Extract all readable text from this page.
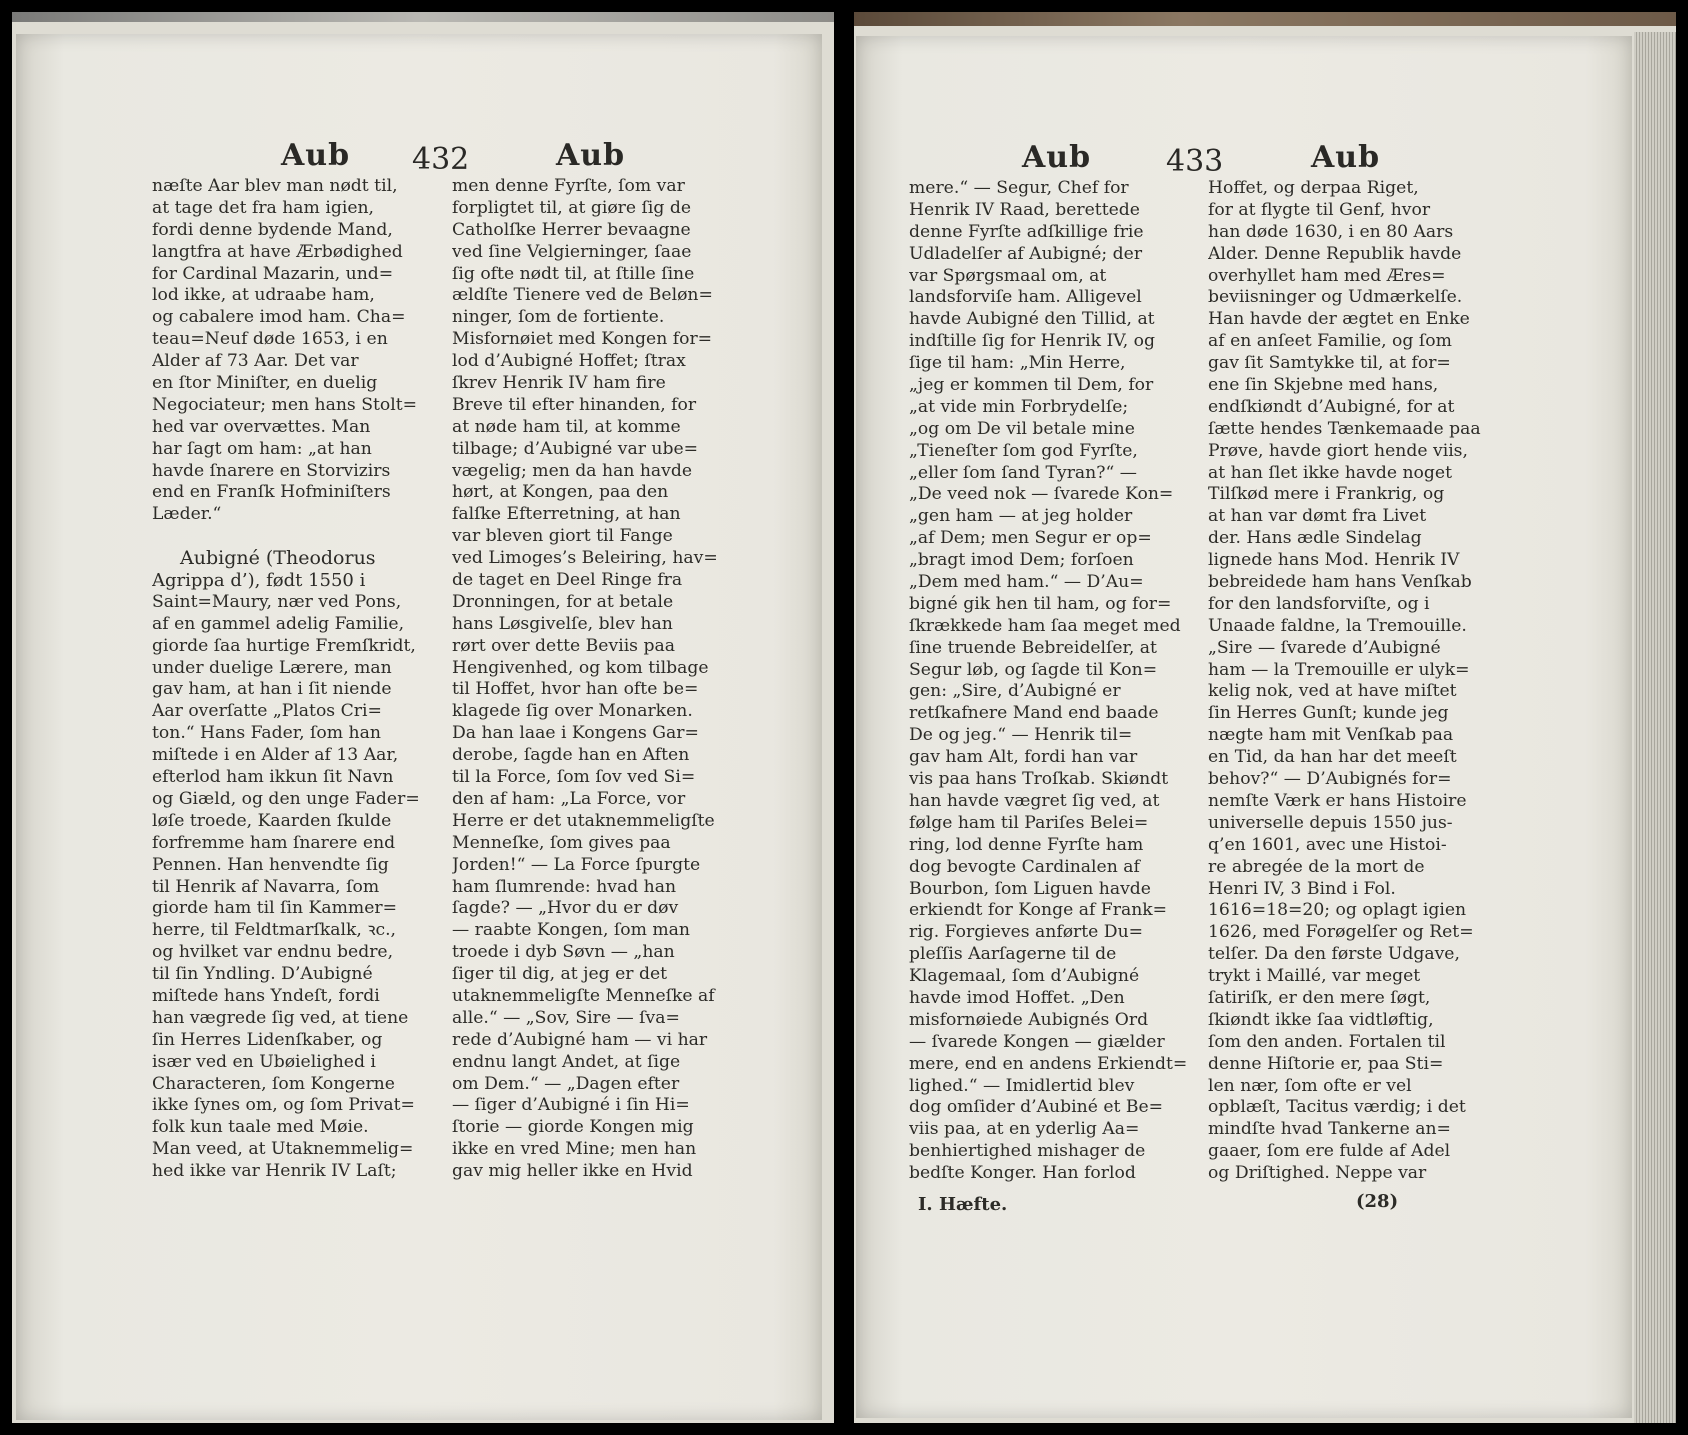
Aub 432	Aub
næſte Aar blev man nødt til,
at tage det fra ham igien,
fordi denne bydende Mand,
langtfra at have Ærbødighed
for Cardinal Mazarin, und=
lod ikke, at udraabe ham,
og cabalere imod ham. Cha=
teau=Neuf døde 1653, i en
Alder af 73 Aar. Det var
en ſtor Miniſter, en duelig
Negociateur; men hans Stolt=
hed var overvættes. Man
har ſagt om ham: „at han
havde ſnarere en Storvizirs
end en Franſk Hofminiſters
Læder.“

Aubigné (Theodorus
Agrippa d’), født 1550 i
Saint=Maury, nær ved Pons,
af en gammel adelig Familie,
giorde ſaa hurtige Fremſkridt,
under duelige Lærere, man
gav ham, at han i ſit niende
Aar overſatte „Platos Cri=
ton.“ Hans Fader, ſom han
miſtede i en Alder af 13 Aar,
efterlod ham ikkun ſit Navn
og Giæld, og den unge Fader=
løſe troede, Kaarden ſkulde
forfremme ham ſnarere end
Pennen. Han henvendte ſig
til Henrik af Navarra, ſom
giorde ham til ſin Kammer=
herre, til Feldtmarſkalk, ꝛc.,
og hvilket var endnu bedre,
til ſin Yndling. D’Aubigné
miſtede hans Yndeſt, fordi
han vægrede ſig ved, at tiene
ſin Herres Lidenſkaber, og
især ved en Ubøielighed i
Characteren, ſom Kongerne
ikke ſynes om, og ſom Privat=
folk kun taale med Møie.
Man veed, at Utaknemmelig=
hed ikke var Henrik IV Laſt;
men denne Fyrſte, ſom var
forpligtet til, at giøre ſig de
Catholſke Herrer bevaagne
ved ſine Velgierninger, ſaae
ſig ofte nødt til, at ſtille ſine
ældſte Tienere ved de Beløn=
ninger, ſom de fortiente.
Misfornøiet med Kongen for=
lod d’Aubigné Hoffet; ſtrax
ſkrev Henrik IV ham fire
Breve til efter hinanden, for
at nøde ham til, at komme
tilbage; d’Aubigné var ube=
vægelig; men da han havde
hørt, at Kongen, paa den
falſke Efterretning, at han
var bleven giort til Fange
ved Limoges’s Beleiring, hav=
de taget en Deel Ringe fra
Dronningen, for at betale
hans Løsgivelſe, blev han
rørt over dette Beviis paa
Hengivenhed, og kom tilbage
til Hoffet, hvor han ofte be=
klagede ſig over Monarken.
Da han laae i Kongens Gar=
derobe, ſagde han en Aften
til la Force, ſom ſov ved Si=
den af ham: „La Force, vor
Herre er det utaknemmeligſte
Menneſke, ſom gives paa
Jorden!“ — La Force ſpurgte
ham ſlumrende: hvad han
ſagde? — „Hvor du er døv
— raabte Kongen, ſom man
troede i dyb Søvn — „han
ſiger til dig, at jeg er det
utaknemmeligſte Menneſke af
alle.“ — „Sov, Sire — ſva=
rede d’Aubigné ham — vi har
endnu langt Andet, at ſige
om Dem.“ — „Dagen efter
— ſiger d’Aubigné i ſin Hi=
ſtorie — giorde Kongen mig
ikke en vred Mine; men han
gav mig heller ikke en Hvid
Aub 433	Aub
mere.“ — Segur, Chef for
Henrik IV Raad, berettede
denne Fyrſte adſkillige frie
Udladelſer af Aubigné; der
var Spørgsmaal om, at
landsforviſe ham. Alligevel
havde Aubigné den Tillid, at
indſtille ſig for Henrik IV, og
ſige til ham: „Min Herre,
„jeg er kommen til Dem, for
„at vide min Forbrydelſe;
„og om De vil betale mine
„Tieneſter ſom god Fyrſte,
„eller ſom ſand Tyran?“ —
„De veed nok — ſvarede Kon=
„gen ham — at jeg holder
„af Dem; men Segur er op=
„bragt imod Dem; forſoen
„Dem med ham.“ — D’Au=
bigné gik hen til ham, og for=
ſkrækkede ham ſaa meget med
ſine truende Bebreidelſer, at
Segur løb, og ſagde til Kon=
gen: „Sire, d’Aubigné er
retſkafnere Mand end baade
De og jeg.“ — Henrik til=
gav ham Alt, fordi han var
vis paa hans Troſkab. Skiøndt
han havde vægret ſig ved, at
følge ham til Pariſes Belei=
ring, lod denne Fyrſte ham
dog bevogte Cardinalen af
Bourbon, ſom Liguen havde
erkiendt for Konge af Frank=
rig. Forgieves anførte Du=
pleſſis Aarſagerne til de
Klagemaal, ſom d’Aubigné
havde imod Hoffet. „Den
misfornøiede Aubignés Ord
— ſvarede Kongen — giælder
mere, end en andens Erkiendt=
lighed.“ — Imidlertid blev
dog omſider d’Aubiné et Be=
viis paa, at en yderlig Aa=
benhiertighed mishager de
bedſte Konger. Han forlod
Hoffet, og derpaa Riget,
for at flygte til Genf, hvor
han døde 1630, i en 80 Aars
Alder. Denne Republik havde
overhyllet ham med Æres=
beviisninger og Udmærkelſe.
Han havde der ægtet en Enke
af en anſeet Familie, og ſom
gav ſit Samtykke til, at for=
ene ſin Skjebne med hans,
endſkiøndt d’Aubigné, for at
ſætte hendes Tænkemaade paa
Prøve, havde giort hende viis,
at han ſlet ikke havde noget
Tilſkød mere i Frankrig, og
at han var dømt fra Livet
der. Hans ædle Sindelag
lignede hans Mod. Henrik IV
bebreidede ham hans Venſkab
for den landsforviſte, og i
Unaade faldne, la Tremouille.
„Sire — ſvarede d’Aubigné
ham — la Tremouille er ulyk=
kelig nok, ved at have miſtet
ſin Herres Gunſt; kunde jeg
nægte ham mit Venſkab paa
en Tid, da han har det meeſt
behov?“ — D’Aubignés for=
nemſte Værk er hans Histoire
universelle depuis 1550 jus-
q’en 1601, avec une Histoi-
re abregée de la mort de
Henri IV, 3 Bind i Fol.
1616=18=20; og oplagt igien
1626, med Forøgelſer og Ret=
telſer. Da den første Udgave,
trykt i Maillé, var meget
ſatiriſk, er den mere ſøgt,
ſkiøndt ikke ſaa vidtløftig,
ſom den anden. Fortalen til
denne Hiſtorie er, paa Sti=
len nær, ſom ofte er vel
opblæſt, Tacitus værdig; i det
mindſte hvad Tankerne an=
gaaer, ſom ere fulde af Adel
og Driſtighed. Neppe var
I. Hæfte.	(28)
